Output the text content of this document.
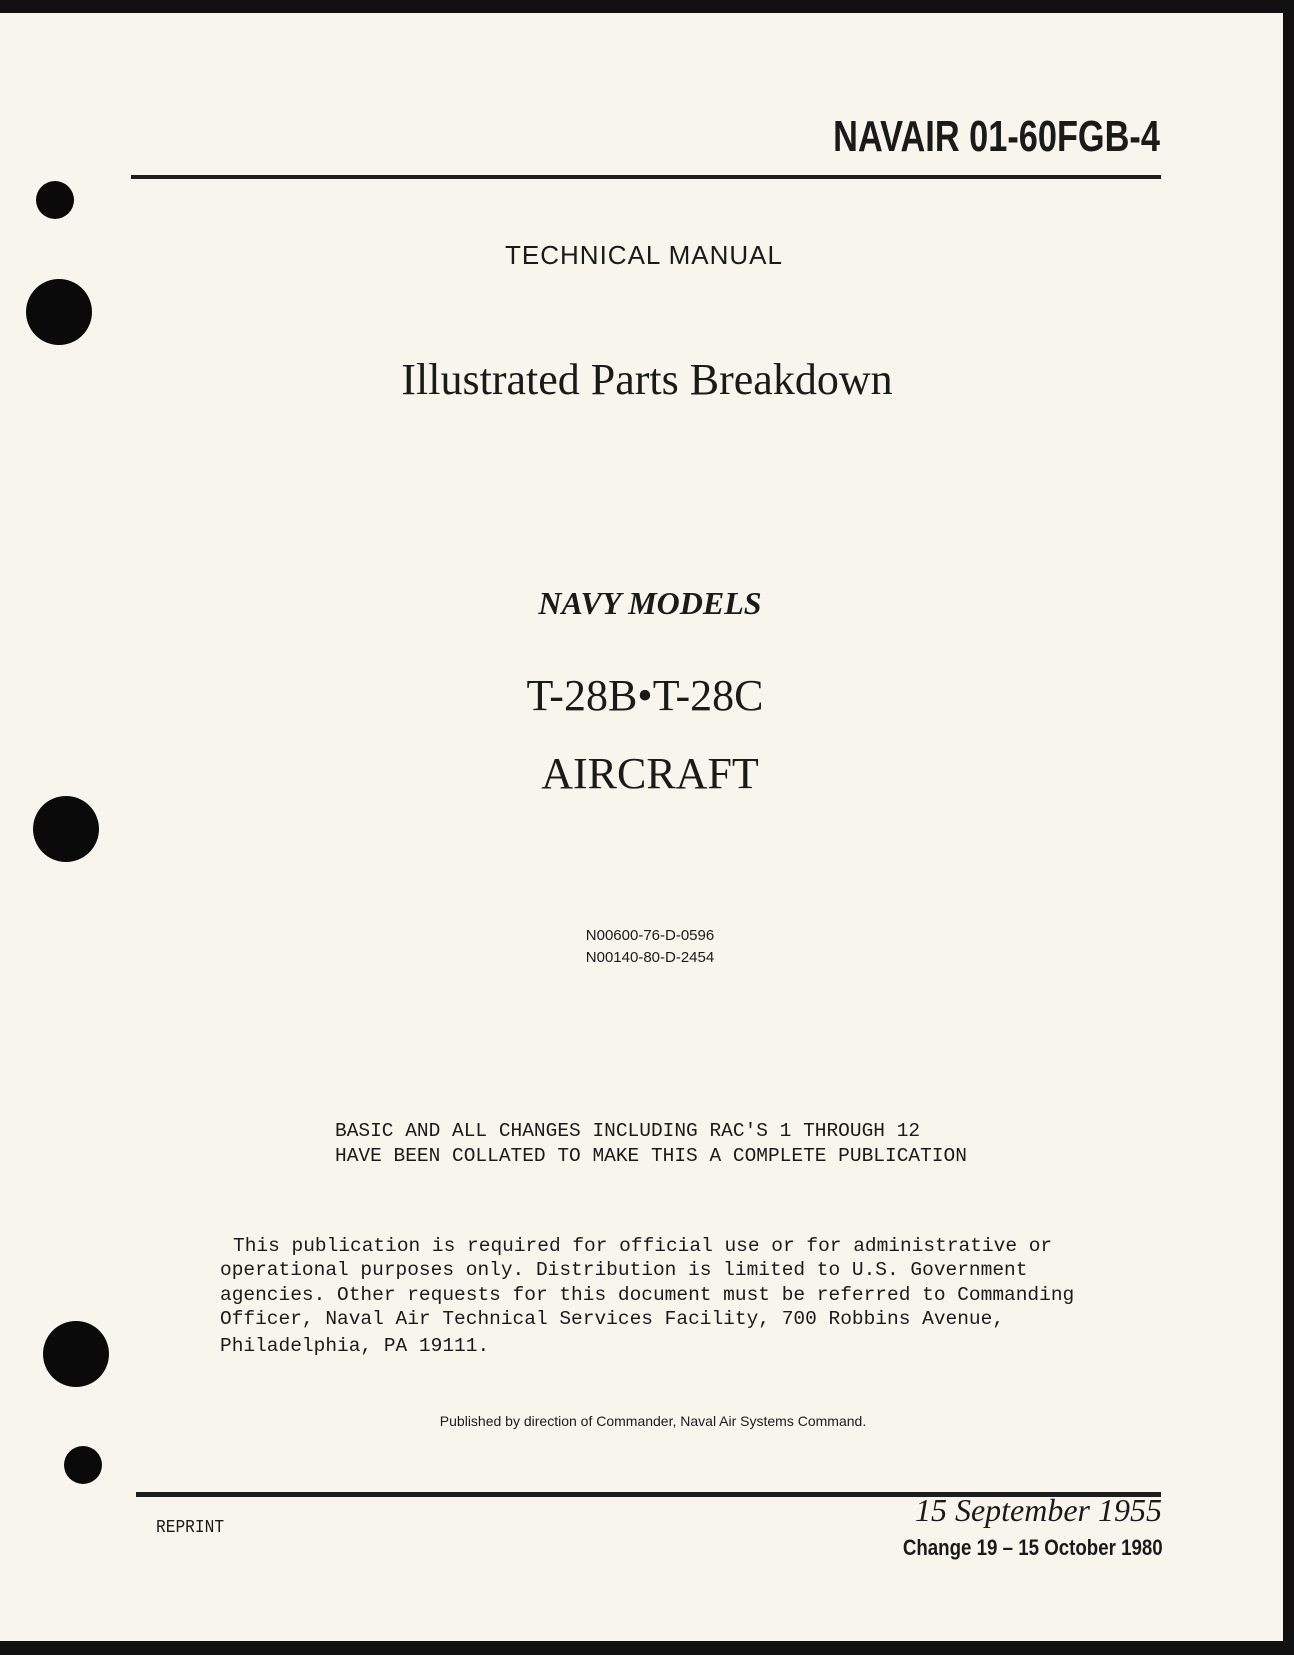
NAVAIR 01-60FGB-4
TECHNICAL MANUAL
Illustrated Parts Breakdown
NAVY MODELS
T-28B•T-28C
AIRCRAFT
N00600-76-D-0596
N00140-80-D-2454
BASIC AND ALL CHANGES INCLUDING RAC'S 1 THROUGH 12
HAVE BEEN COLLATED TO MAKE THIS A COMPLETE PUBLICATION
This publication is required for official use or for administrative or
operational purposes only. Distribution is limited to U.S. Government
agencies. Other requests for this document must be referred to Commanding
Officer, Naval Air Technical Services Facility, 700 Robbins Avenue,
Philadelphia, PA 19111.
Published by direction of Commander, Naval Air Systems Command.
REPRINT	15 September 1955
Change 19 – 15 October 1980
